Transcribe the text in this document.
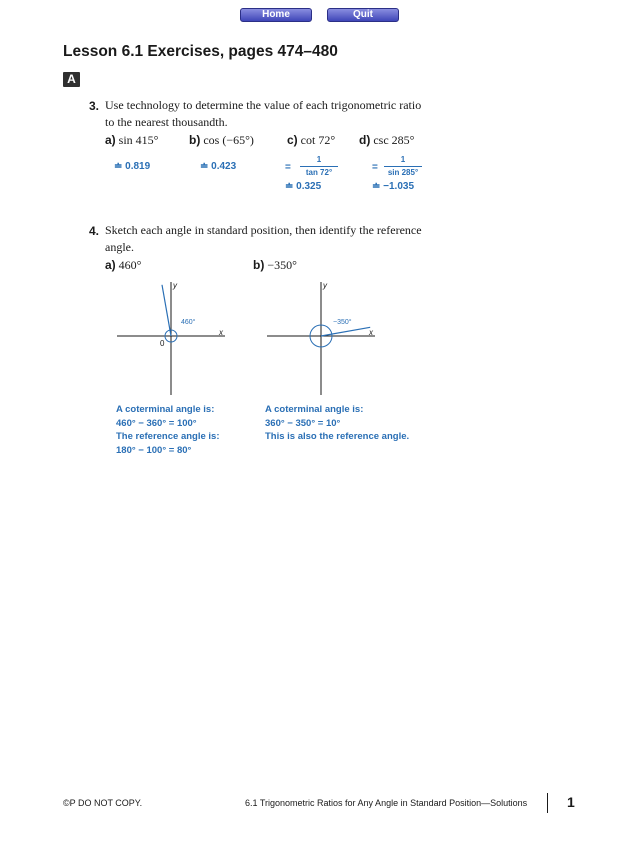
Home	Quit
Lesson 6.1 Exercises, pages 474–480
A
3. Use technology to determine the value of each trigonometric ratio to the nearest thousandth.
a) sin 415°	b) cos (−65°)	c) cot 72° d) csc 285°
≐ 0.819	≐ 0.423	=
1
tan 72°
≐ 0.325
=
1
sin 285°
≐ −1.035
4. Sketch each angle in standard position, then identify the reference angle.
a) 460°	b) −350°
y
x
0
460°
y
x
−350°
A coterminal angle is:
460° − 360° = 100°
The reference angle is:
180° − 100° = 80°
A coterminal angle is:
360° − 350° = 10°
This is also the reference angle.
©P DO NOT COPY.	6.1 Trigonometric Ratios for Any Angle in Standard Position—Solutions	1
